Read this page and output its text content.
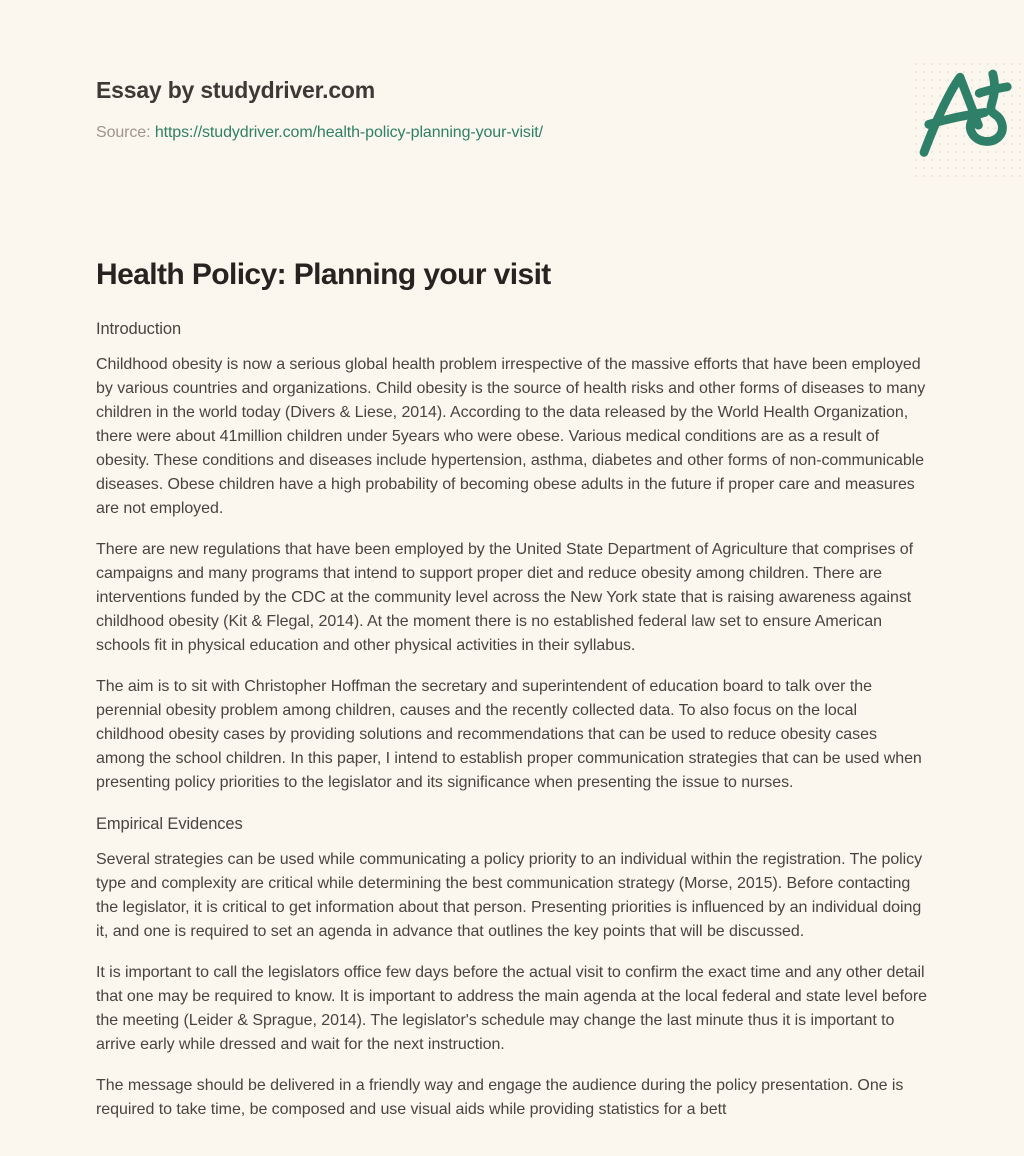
Essay by studydriver.com
Source: https://studydriver.com/health-policy-planning-your-visit/
Health Policy: Planning your visit
Introduction

Childhood obesity is now a serious global health problem irrespective of the massive efforts that have been employed by various countries and organizations. Child obesity is the source of health risks and other forms of diseases to many children in the world today (Divers & Liese, 2014). According to the data released by the World Health Organization, there were about 41million children under 5years who were obese. Various medical conditions are as a result of obesity. These conditions and diseases include hypertension, asthma, diabetes and other forms of non-communicable diseases. Obese children have a high probability of becoming obese adults in the future if proper care and measures are not employed.

There are new regulations that have been employed by the United State Department of Agriculture that comprises of campaigns and many programs that intend to support proper diet and reduce obesity among children. There are interventions funded by the CDC at the community level across the New York state that is raising awareness against childhood obesity (Kit & Flegal, 2014). At the moment there is no established federal law set to ensure American schools fit in physical education and other physical activities in their syllabus.

The aim is to sit with Christopher Hoffman the secretary and superintendent of education board to talk over the perennial obesity problem among children, causes and the recently collected data. To also focus on the local childhood obesity cases by providing solutions and recommendations that can be used to reduce obesity cases among the school children. In this paper, I intend to establish proper communication strategies that can be used when presenting policy priorities to the legislator and its significance when presenting the issue to nurses.

Empirical Evidences

Several strategies can be used while communicating a policy priority to an individual within the registration. The policy type and complexity are critical while determining the best communication strategy (Morse, 2015). Before contacting the legislator, it is critical to get information about that person. Presenting priorities is influenced by an individual doing it, and one is required to set an agenda in advance that outlines the key points that will be discussed.

It is important to call the legislators office few days before the actual visit to confirm the exact time and any other detail that one may be required to know. It is important to address the main agenda at the local federal and state level before the meeting (Leider & Sprague, 2014). The legislator's schedule may change the last minute thus it is important to arrive early while dressed and wait for the next instruction.

The message should be delivered in a friendly way and engage the audience during the policy presentation. One is required to take time, be composed and use visual aids while providing statistics for a bett
